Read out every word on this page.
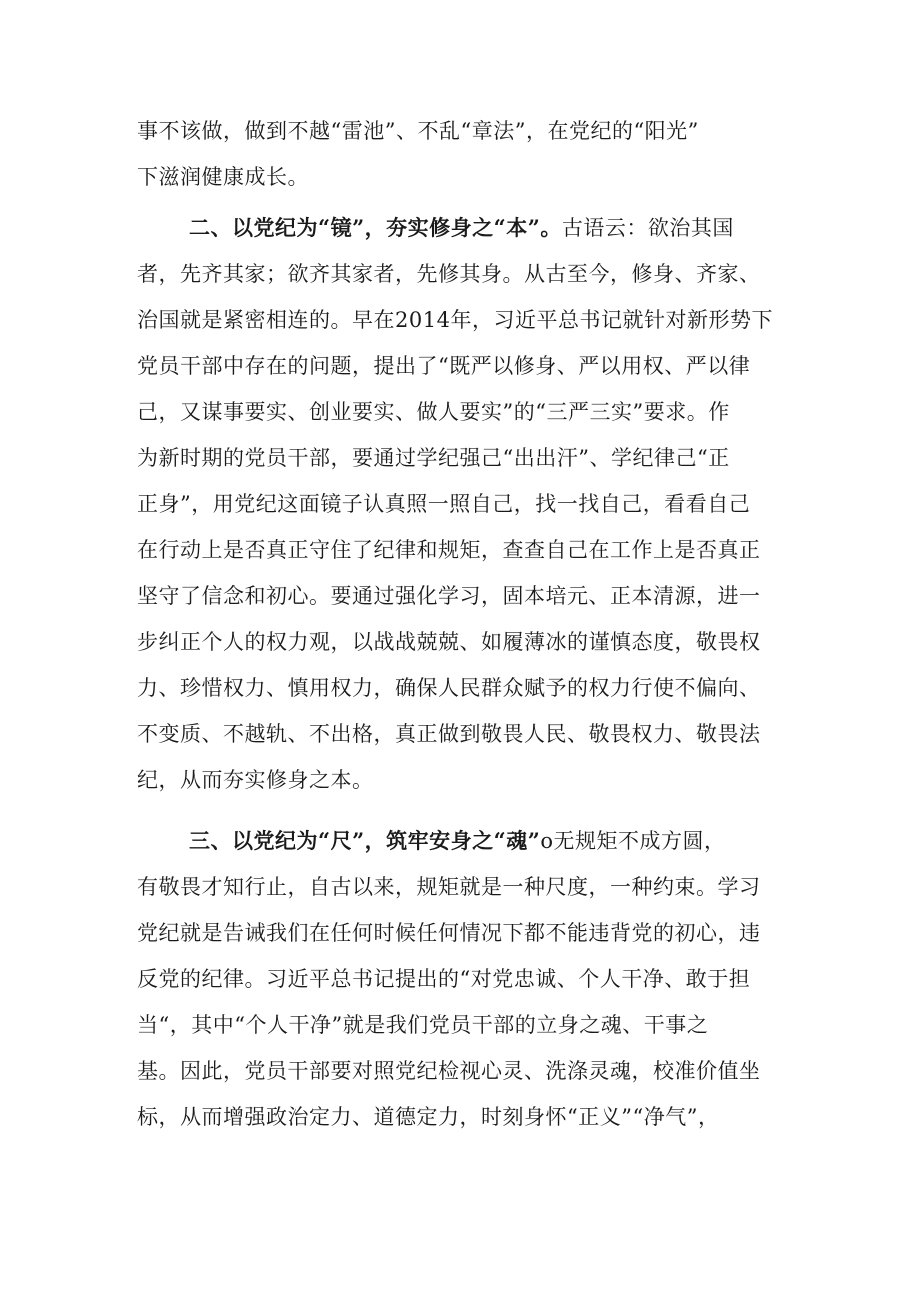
事不该做，做到不越“雷池”、不乱“章法”，在党纪的“阳光”
下滋润健康成长。

二、以党纪为“镜”，夯实修身之“本”。古语云：欲治其国
者，先齐其家；欲齐其家者，先修其身。从古至今，修身、齐家、
治国就是紧密相连的。早在2014年，习近平总书记就针对新形势下
党员干部中存在的问题，提出了“既严以修身、严以用权、严以律
己，又谋事要实、创业要实、做人要实”的“三严三实”要求。作
为新时期的党员干部，要通过学纪强己“出出汗”、学纪律己“正
正身”，用党纪这面镜子认真照一照自己，找一找自己，看看自己
在行动上是否真正守住了纪律和规矩，查查自己在工作上是否真正
坚守了信念和初心。要通过强化学习，固本培元、正本清源，进一
步纠正个人的权力观，以战战兢兢、如履薄冰的谨慎态度，敬畏权
力、珍惜权力、慎用权力，确保人民群众赋予的权力行使不偏向、
不变质、不越轨、不出格，真正做到敬畏人民、敬畏权力、敬畏法
纪，从而夯实修身之本。

三、以党纪为“尺”，筑牢安身之“魂”o无规矩不成方圆，
有敬畏才知行止，自古以来，规矩就是一种尺度，一种约束。学习
党纪就是告诫我们在任何时候任何情况下都不能违背党的初心，违
反党的纪律。习近平总书记提出的“对党忠诚、个人干净、敢于担
当“，其中“个人干净”就是我们党员干部的立身之魂、干事之
基。因此，党员干部要对照党纪检视心灵、洗涤灵魂，校准价值坐
标，从而增强政治定力、道德定力，时刻身怀“正义”“净气”，
